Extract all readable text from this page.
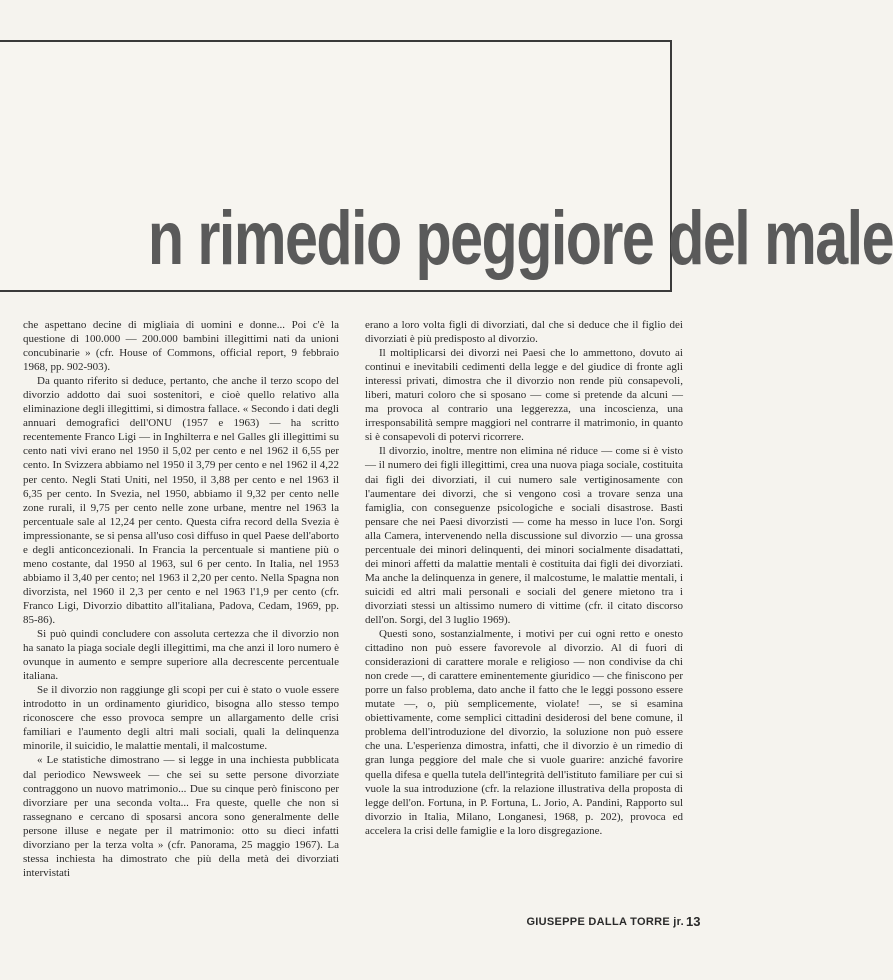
n rimedio peggiore del male

che aspettano decine di migliaia di uomini e donne... Poi c'è la questione di 100.000 — 200.000 bambini illegittimi nati da unioni concubinarie » (cfr. House of Commons, official report, 9 febbraio 1968, pp. 902-903).

Da quanto riferito si deduce, pertanto, che anche il terzo scopo del divorzio addotto dai suoi sostenitori, e cioè quello relativo alla eliminazione degli illegittimi, si dimostra fallace. « Secondo i dati degli annuari demografici dell'ONU (1957 e 1963) — ha scritto recentemente Franco Ligi — in Inghilterra e nel Galles gli illegittimi su cento nati vivi erano nel 1950 il 5,02 per cento e nel 1962 il 6,55 per cento. In Svizzera abbiamo nel 1950 il 3,79 per cento e nel 1962 il 4,22 per cento. Negli Stati Uniti, nel 1950, il 3,88 per cento e nel 1963 il 6,35 per cento. In Svezia, nel 1950, abbiamo il 9,32 per cento nelle zone rurali, il 9,75 per cento nelle zone urbane, mentre nel 1963 la percentuale sale al 12,24 per cento. Questa cifra record della Svezia è impressionante, se si pensa all'uso così diffuso in quel Paese dell'aborto e degli anticoncezionali. In Francia la percentuale si mantiene più o meno costante, dal 1950 al 1963, sul 6 per cento. In Italia, nel 1953 abbiamo il 3,40 per cento; nel 1963 il 2,20 per cento. Nella Spagna non divorzista, nel 1960 il 2,3 per cento e nel 1963 l'1,9 per cento (cfr. Franco Ligi, Divorzio dibattito all'italiana, Padova, Cedam, 1969, pp. 85-86).

Si può quindi concludere con assoluta certezza che il divorzio non ha sanato la piaga sociale degli illegittimi, ma che anzi il loro numero è ovunque in aumento e sempre superiore alla decrescente percentuale italiana.

Se il divorzio non raggiunge gli scopi per cui è stato o vuole essere introdotto in un ordinamento giuridico, bisogna allo stesso tempo riconoscere che esso provoca sempre un allargamento delle crisi familiari e l'aumento degli altri mali sociali, quali la delinquenza minorile, il suicidio, le malattie mentali, il malcostume.

« Le statistiche dimostrano — si legge in una inchiesta pubblicata dal periodico Newsweek — che sei su sette persone divorziate contraggono un nuovo matrimonio... Due su cinque però finiscono per divorziare per una seconda volta... Fra queste, quelle che non si rassegnano e cercano di sposarsi ancora sono generalmente delle persone illuse e negate per il matrimonio: otto su dieci infatti divorziano per la terza volta » (cfr. Panorama, 25 maggio 1967). La stessa inchiesta ha dimostrato che più della metà dei divorziati intervistati

erano a loro volta figli di divorziati, dal che si deduce che il figlio dei divorziati è più predisposto al divorzio.

Il moltiplicarsi dei divorzi nei Paesi che lo ammettono, dovuto ai continui e inevitabili cedimenti della legge e del giudice di fronte agli interessi privati, dimostra che il divorzio non rende più consapevoli, liberi, maturi coloro che si sposano — come si pretende da alcuni — ma provoca al contrario una leggerezza, una incoscienza, una irresponsabilità sempre maggiori nel contrarre il matrimonio, in quanto si è consapevoli di potervi ricorrere.

Il divorzio, inoltre, mentre non elimina né riduce — come si è visto — il numero dei figli illegittimi, crea una nuova piaga sociale, costituita dai figli dei divorziati, il cui numero sale vertiginosamente con l'aumentare dei divorzi, che si vengono così a trovare senza una famiglia, con conseguenze psicologiche e sociali disastrose. Basti pensare che nei Paesi divorzisti — come ha messo in luce l'on. Sorgi alla Camera, intervenendo nella discussione sul divorzio — una grossa percentuale dei minori delinquenti, dei minori socialmente disadattati, dei minori affetti da malattie mentali è costituita dai figli dei divorziati. Ma anche la delinquenza in genere, il malcostume, le malattie mentali, i suicidi ed altri mali personali e sociali del genere mietono tra i divorziati stessi un altissimo numero di vittime (cfr. il citato discorso dell'on. Sorgi, del 3 luglio 1969).

Questi sono, sostanzialmente, i motivi per cui ogni retto e onesto cittadino non può essere favorevole al divorzio. Al di fuori di considerazioni di carattere morale e religioso — non condivise da chi non crede —, di carattere eminentemente giuridico — che finiscono per porre un falso problema, dato anche il fatto che le leggi possono essere mutate —, o, più semplicemente, violate! —, se si esamina obiettivamente, come semplici cittadini desiderosi del bene comune, il problema dell'introduzione del divorzio, la soluzione non può essere che una. L'esperienza dimostra, infatti, che il divorzio è un rimedio di gran lunga peggiore del male che si vuole guarire: anziché favorire quella difesa e quella tutela dell'integrità dell'istituto familiare per cui si vuole la sua introduzione (cfr. la relazione illustrativa della proposta di legge dell'on. Fortuna, in P. Fortuna, L. Jorio, A. Pandini, Rapporto sul divorzio in Italia, Milano, Longanesi, 1968, p. 202), provoca ed accelera la crisi delle famiglie e la loro disgregazione.

GIUSEPPE DALLA TORRE jr. 13
